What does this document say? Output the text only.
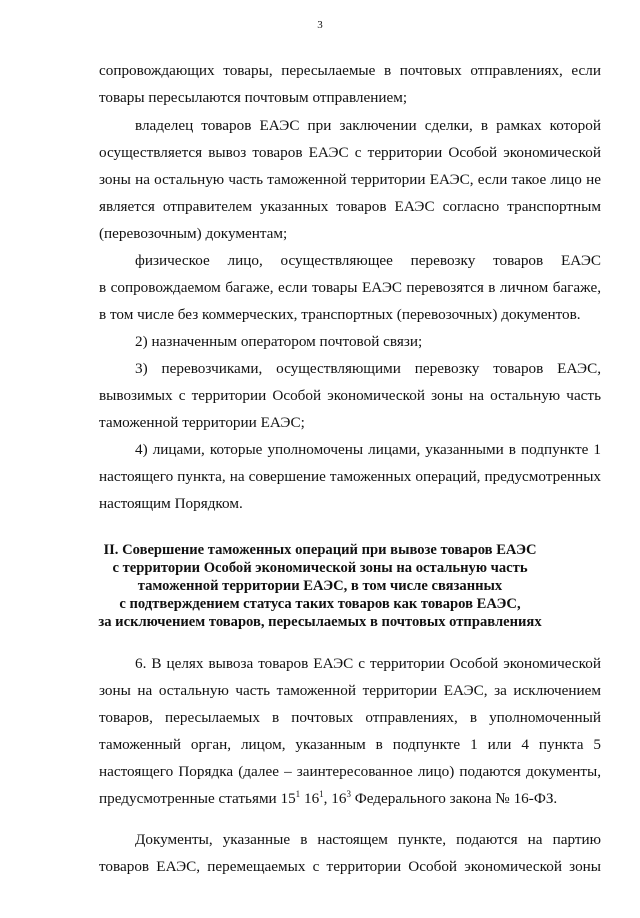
3
сопровождающих товары, пересылаемые в почтовых отправлениях, если
товары пересылаются почтовым отправлением;
владелец товаров ЕАЭС при заключении сделки, в рамках которой
осуществляется вывоз товаров ЕАЭС с территории Особой экономической
зоны на остальную часть таможенной территории ЕАЭС, если такое лицо не
является отправителем указанных товаров ЕАЭС согласно транспортным
(перевозочным) документам;
физическое лицо, осуществляющее перевозку товаров ЕАЭС
в сопровождаемом багаже, если товары ЕАЭС перевозятся в личном багаже,
в том числе без коммерческих, транспортных (перевозочных) документов.
2) назначенным оператором почтовой связи;
3) перевозчиками, осуществляющими перевозку товаров ЕАЭС,
вывозимых с территории Особой экономической зоны на остальную часть
таможенной территории ЕАЭС;
4) лицами, которые уполномочены лицами, указанными в подпункте 1
настоящего пункта, на совершение таможенных операций, предусмотренных
настоящим Порядком.
II. Совершение таможенных операций при вывозе товаров ЕАЭС
с территории Особой экономической зоны на остальную часть
таможенной территории ЕАЭС, в том числе связанных
с подтверждением статуса таких товаров как товаров ЕАЭС,
за исключением товаров, пересылаемых в почтовых отправлениях
6. В целях вывоза товаров ЕАЭС с территории Особой экономической
зоны на остальную часть таможенной территории ЕАЭС, за исключением
товаров, пересылаемых в почтовых отправлениях, в уполномоченный
таможенный орган, лицом, указанным в подпункте 1 или 4 пункта 5
настоящего Порядка (далее – заинтересованное лицо) подаются документы,
предусмотренные статьями $15^1$ $16^1$, $16^3$ Федерального закона № 16-ФЗ.
Документы, указанные в настоящем пункте, подаются на партию
товаров ЕАЭС, перемещаемых с территории Особой экономической зоны
